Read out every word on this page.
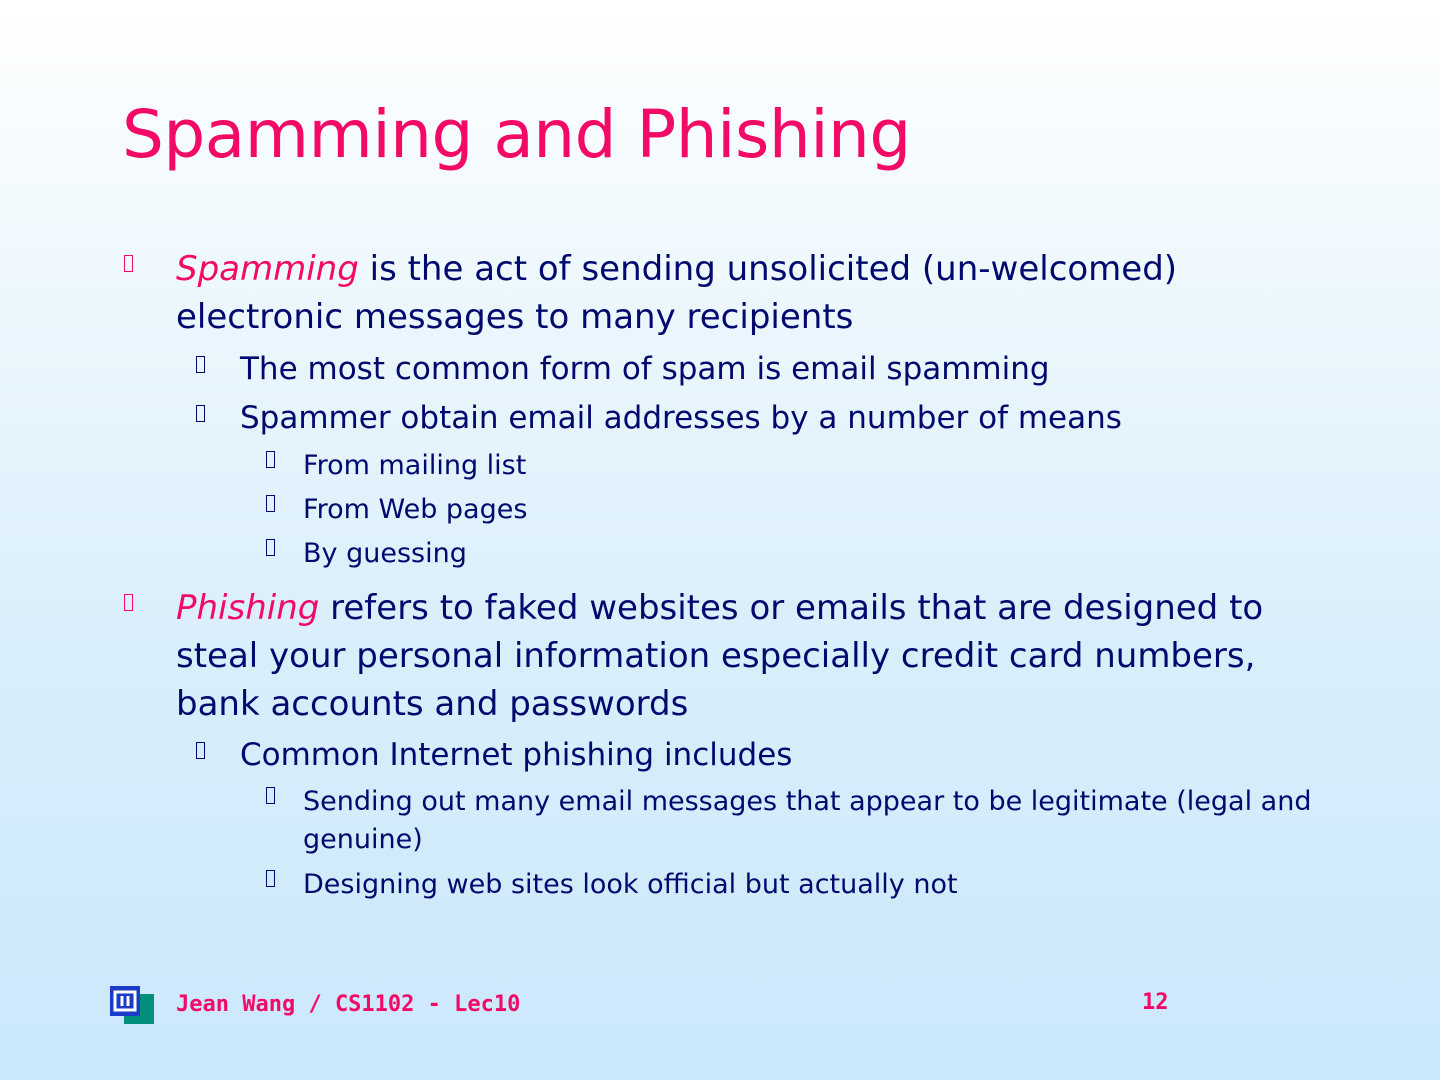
Spamming and Phishing
Spamming is the act of sending unsolicited (un-welcomed) electronic messages to many recipients
The most common form of spam is email spamming
Spammer obtain email addresses by a number of means
From mailing list
From Web pages
By guessing
Phishing refers to faked websites or emails that are designed to steal your personal information especially credit card numbers, bank accounts and passwords
Common Internet phishing includes
Sending out many email messages that appear to be legitimate (legal and genuine)
Designing web sites look official but actually not
Jean Wang / CS1102 - Lec10	12
